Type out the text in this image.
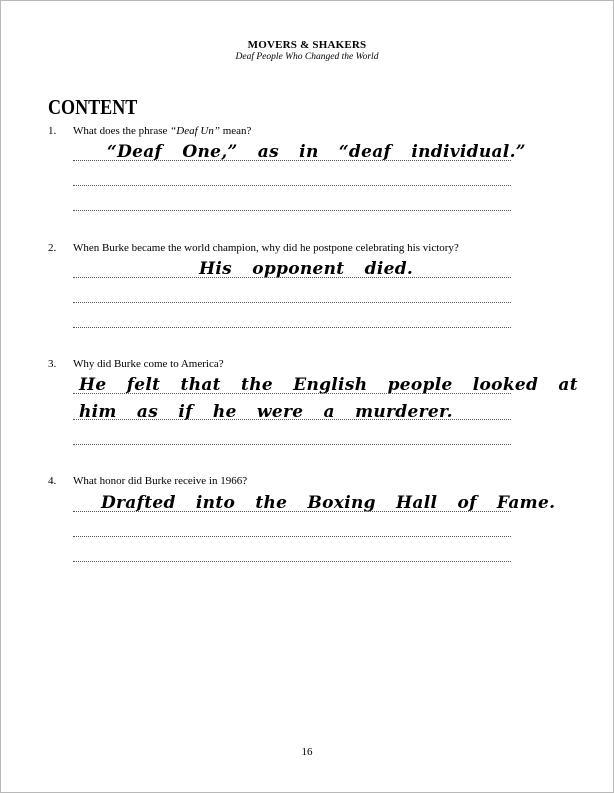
MOVERS & SHAKERS
Deaf People Who Changed the World
CONTENT
1. What does the phrase “Deaf Un” mean?
“Deaf One,” as in “deaf individual.”
2. When Burke became the world champion, why did he postpone celebrating his victory?
His opponent died.
3. Why did Burke come to America?
He felt that the English people looked at
him as if he were a murderer.
4. What honor did Burke receive in 1966?
Drafted into the Boxing Hall of Fame.
16
